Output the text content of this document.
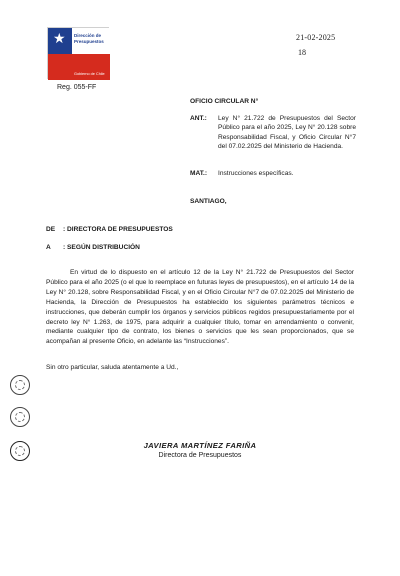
★ Dirección de Presupuestos
Gobierno de Chile
Reg. 055-FF
21-02-2025
18
OFICIO CIRCULAR N°
ANT.: Ley N° 21.722 de Presupuestos del Sector Público para el año 2025, Ley N° 20.128 sobre Responsabilidad Fiscal, y Oficio Circular N°7 del 07.02.2025 del Ministerio de Hacienda.
MAT.: Instrucciones específicas.
SANTIAGO,
DE : DIRECTORA DE PRESUPUESTOS
A : SEGÚN DISTRIBUCIÓN
En virtud de lo dispuesto en el artículo 12 de la Ley N° 21.722 de Presupuestos del Sector Público para el año 2025 (o el que lo reemplace en futuras leyes de presupuestos), en el artículo 14 de la Ley N° 20.128, sobre Responsabilidad Fiscal, y en el Oficio Circular N°7 de 07.02.2025 del Ministerio de Hacienda, la Dirección de Presupuestos ha establecido los siguientes parámetros técnicos e instrucciones, que deberán cumplir los órganos y servicios públicos regidos presupuestariamente por el decreto ley N° 1.263, de 1975, para adquirir a cualquier título, tomar en arrendamiento o convenir, mediante cualquier tipo de contrato, los bienes o servicios que les sean proporcionados, que se acompañan al presente Oficio, en adelante las “Instrucciones”.
Sin otro particular, saluda atentamente a Ud.,
JAVIERA MARTÍNEZ FARIÑA
Directora de Presupuestos
